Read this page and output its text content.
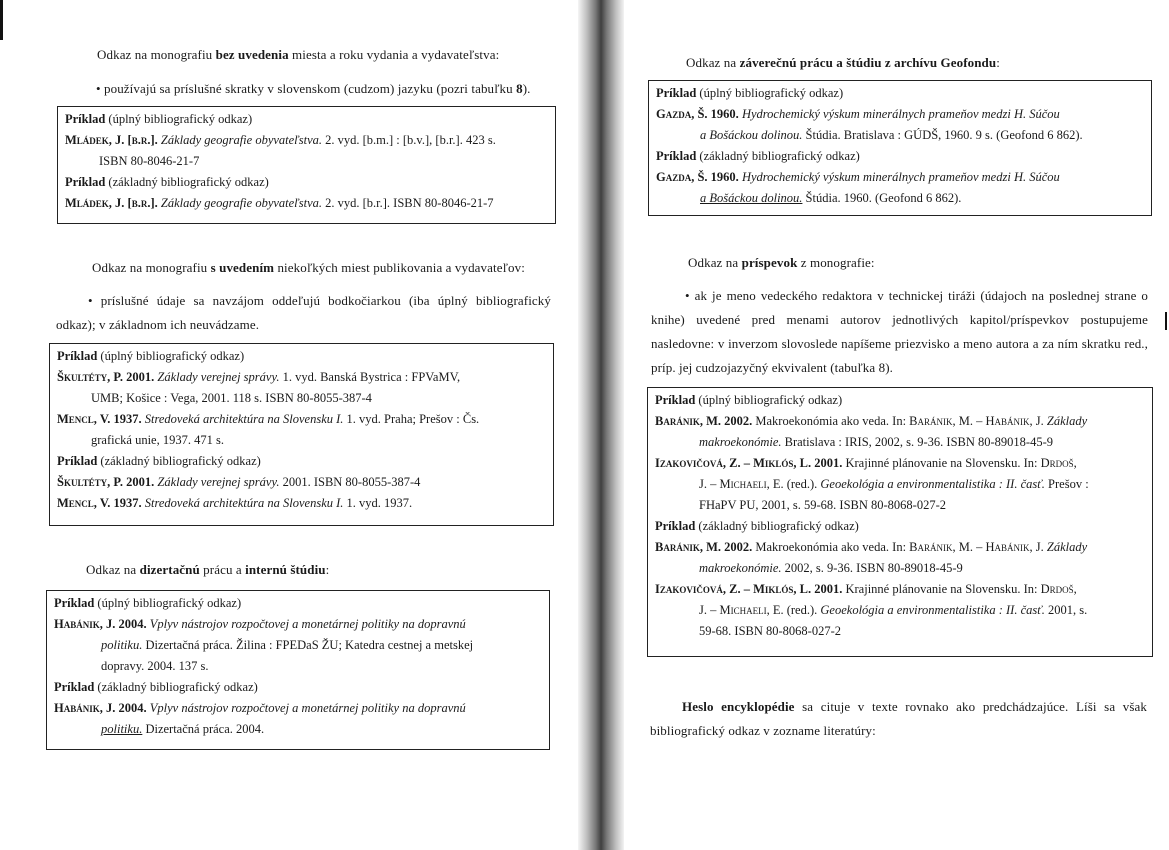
Odkaz na monografiu bez uvedenia miesta a roku vydania a vydavateľstva:
• používajú sa príslušné skratky v slovenskom (cudzom) jazyku (pozri tabuľku 8).
Príklad (úplný bibliografický odkaz)
Mládek, J. [b.r.]. Základy geografie obyvateľstva. 2. vyd. [b.m.] : [b.v.], [b.r.]. 423 s.
ISBN 80-8046-21-7
Príklad (základný bibliografický odkaz)
Mládek, J. [b.r.]. Základy geografie obyvateľstva. 2. vyd. [b.r.]. ISBN 80-8046-21-7
Odkaz na monografiu s uvedením niekoľkých miest publikovania a vydavateľov:
• príslušné údaje sa navzájom oddeľujú bodkočiarkou (iba úplný bibliografický odkaz); v základnom ich neuvádzame.
Príklad (úplný bibliografický odkaz)
Škultéty, P. 2001. Základy verejnej správy. 1. vyd. Banská Bystrica : FPVaMV,
UMB; Košice : Vega, 2001. 118 s. ISBN 80-8055-387-4
Mencl, V. 1937. Stredoveká architektúra na Slovensku I. 1. vyd. Praha; Prešov : Čs.
grafická unie, 1937. 471 s.
Príklad (základný bibliografický odkaz)
Škultéty, P. 2001. Základy verejnej správy. 2001. ISBN 80-8055-387-4
Mencl, V. 1937. Stredoveká architektúra na Slovensku I. 1. vyd. 1937.
Odkaz na dizertačnú prácu a internú štúdiu:
Príklad (úplný bibliografický odkaz)
Habánik, J. 2004. Vplyv nástrojov rozpočtovej a monetárnej politiky na dopravnú
politiku. Dizertačná práca. Žilina : FPEDaS ŽU; Katedra cestnej a metskej
dopravy. 2004. 137 s.
Príklad (základný bibliografický odkaz)
Habánik, J. 2004. Vplyv nástrojov rozpočtovej a monetárnej politiky na dopravnú
politiku. Dizertačná práca. 2004.
Odkaz na záverečnú prácu a štúdiu z archívu Geofondu:
Príklad (úplný bibliografický odkaz)
Gazda, Š. 1960. Hydrochemický výskum minerálnych prameňov medzi H. Súčou
a Bošáckou dolinou. Štúdia. Bratislava : GÚDŠ, 1960. 9 s. (Geofond 6 862).
Príklad (základný bibliografický odkaz)
Gazda, Š. 1960. Hydrochemický výskum minerálnych prameňov medzi H. Súčou
a Bošáckou dolinou. Štúdia. 1960. (Geofond 6 862).
Odkaz na príspevok z monografie:
• ak je meno vedeckého redaktora v technickej tiráži (údajoch na poslednej strane o knihe) uvedené pred menami autorov jednotlivých kapitol/príspevkov postupujeme nasledovne: v inverzom slovoslede napíšeme priezvisko a meno autora a za ním skratku red., príp. jej cudzojazyčný ekvivalent (tabuľka 8).
Príklad (úplný bibliografický odkaz)
Baránik, M. 2002. Makroekonómia ako veda. In: Baránik, M. – Habánik, J. Základy
makroekonómie. Bratislava : IRIS, 2002, s. 9-36. ISBN 80-89018-45-9
Izakovičová, Z. – Miklós, L. 2001. Krajinné plánovanie na Slovensku. In: Drdoš,
J. – Michaeli, E. (red.). Geoekológia a environmentalistika : II. časť. Prešov :
FHaPV PU, 2001, s. 59-68. ISBN 80-8068-027-2
Príklad (základný bibliografický odkaz)
Baránik, M. 2002. Makroekonómia ako veda. In: Baránik, M. – Habánik, J. Základy
makroekonómie. 2002, s. 9-36. ISBN 80-89018-45-9
Izakovičová, Z. – Miklós, L. 2001. Krajinné plánovanie na Slovensku. In: Drdoš,
J. – Michaeli, E. (red.). Geoekológia a environmentalistika : II. časť. 2001, s.
59-68. ISBN 80-8068-027-2
Heslo encyklopédie sa cituje v texte rovnako ako predchádzajúce. Líši sa však bibliografický odkaz v zozname literatúry:
